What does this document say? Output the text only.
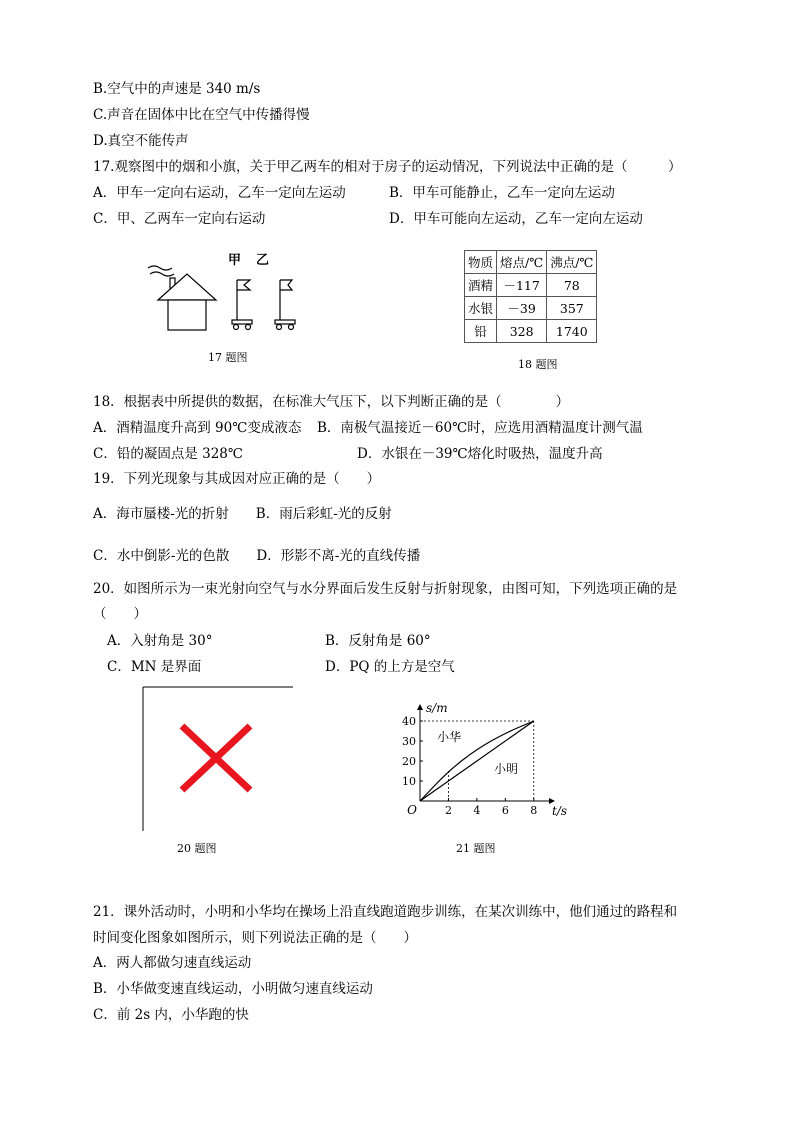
B.空气中的声速是 340 m/s
C.声音在固体中比在空气中传播得慢
D.真空不能传声
17.观察图中的烟和小旗，关于甲乙两车的相对于房子的运动情况，下列说法中正确的是（　　　）
A．甲车一定向右运动，乙车一定向左运动	B．甲车可能静止，乙车一定向左运动
C．甲、乙两车一定向右运动	D．甲车可能向左运动，乙车一定向左运动
甲 乙
17 题图
物质	熔点/℃	沸点/℃
酒精	－117	78
水银	－39	357
铅	328	1740
18 题图
18．根据表中所提供的数据，在标准大气压下，以下判断正确的是（　　　　）
A．酒精温度升高到 90℃变成液态 B．南极气温接近－60℃时，应选用酒精温度计测气温
C．铅的凝固点是 328℃	D．水银在－39℃熔化时吸热，温度升高
19．下列光现象与其成因对应正确的是（　　）
A．海市蜃楼-光的折射　　B．雨后彩虹-光的反射
C．水中倒影-光的色散　　D．形影不离-光的直线传播
20．如图所示为一束光射向空气与水分界面后发生反射与折射现象，由图可知，下列选项正确的是
（　　）
A．入射角是 30°	B．反射角是 60°
C．MN 是界面	D．PQ 的上方是空气
20 题图
10
20
30
40
2 4 6 8
小华
小明
s/m
t/s
O
21 题图
21．课外活动时，小明和小华均在操场上沿直线跑道跑步训练，在某次训练中，他们通过的路程和
时间变化图象如图所示，则下列说法正确的是（　　）
A．两人都做匀速直线运动
B．小华做变速直线运动，小明做匀速直线运动
C．前 2s 内，小华跑的快
